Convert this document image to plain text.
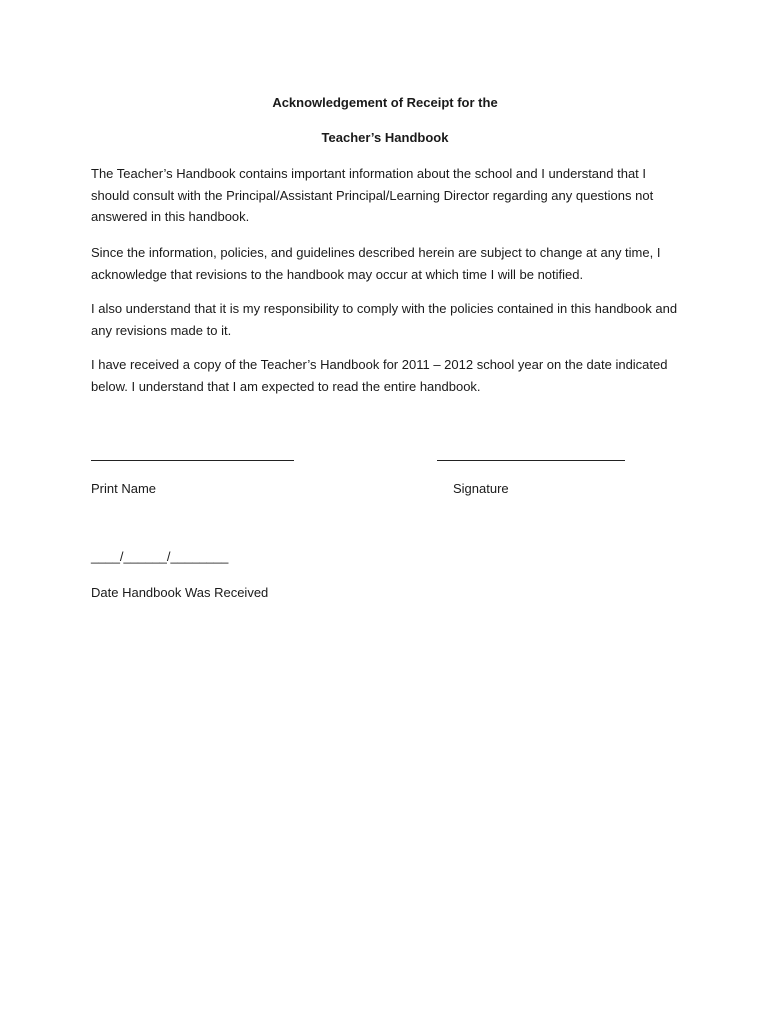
Acknowledgement of Receipt for the
Teacher’s Handbook
The Teacher’s Handbook contains important information about the school and I understand that I should consult with the Principal/Assistant Principal/Learning Director regarding any questions not answered in this handbook.
Since the information, policies, and guidelines described herein are subject to change at any time, I acknowledge that revisions to the handbook may occur at which time I will be notified.
I also understand that it is my responsibility to comply with the policies contained in this handbook and any revisions made to it.
I have received a copy of the Teacher’s Handbook for 2011 – 2012 school year on the date indicated below. I understand that I am expected to read the entire handbook.
Print Name	Signature
____/______/________
Date Handbook Was Received
